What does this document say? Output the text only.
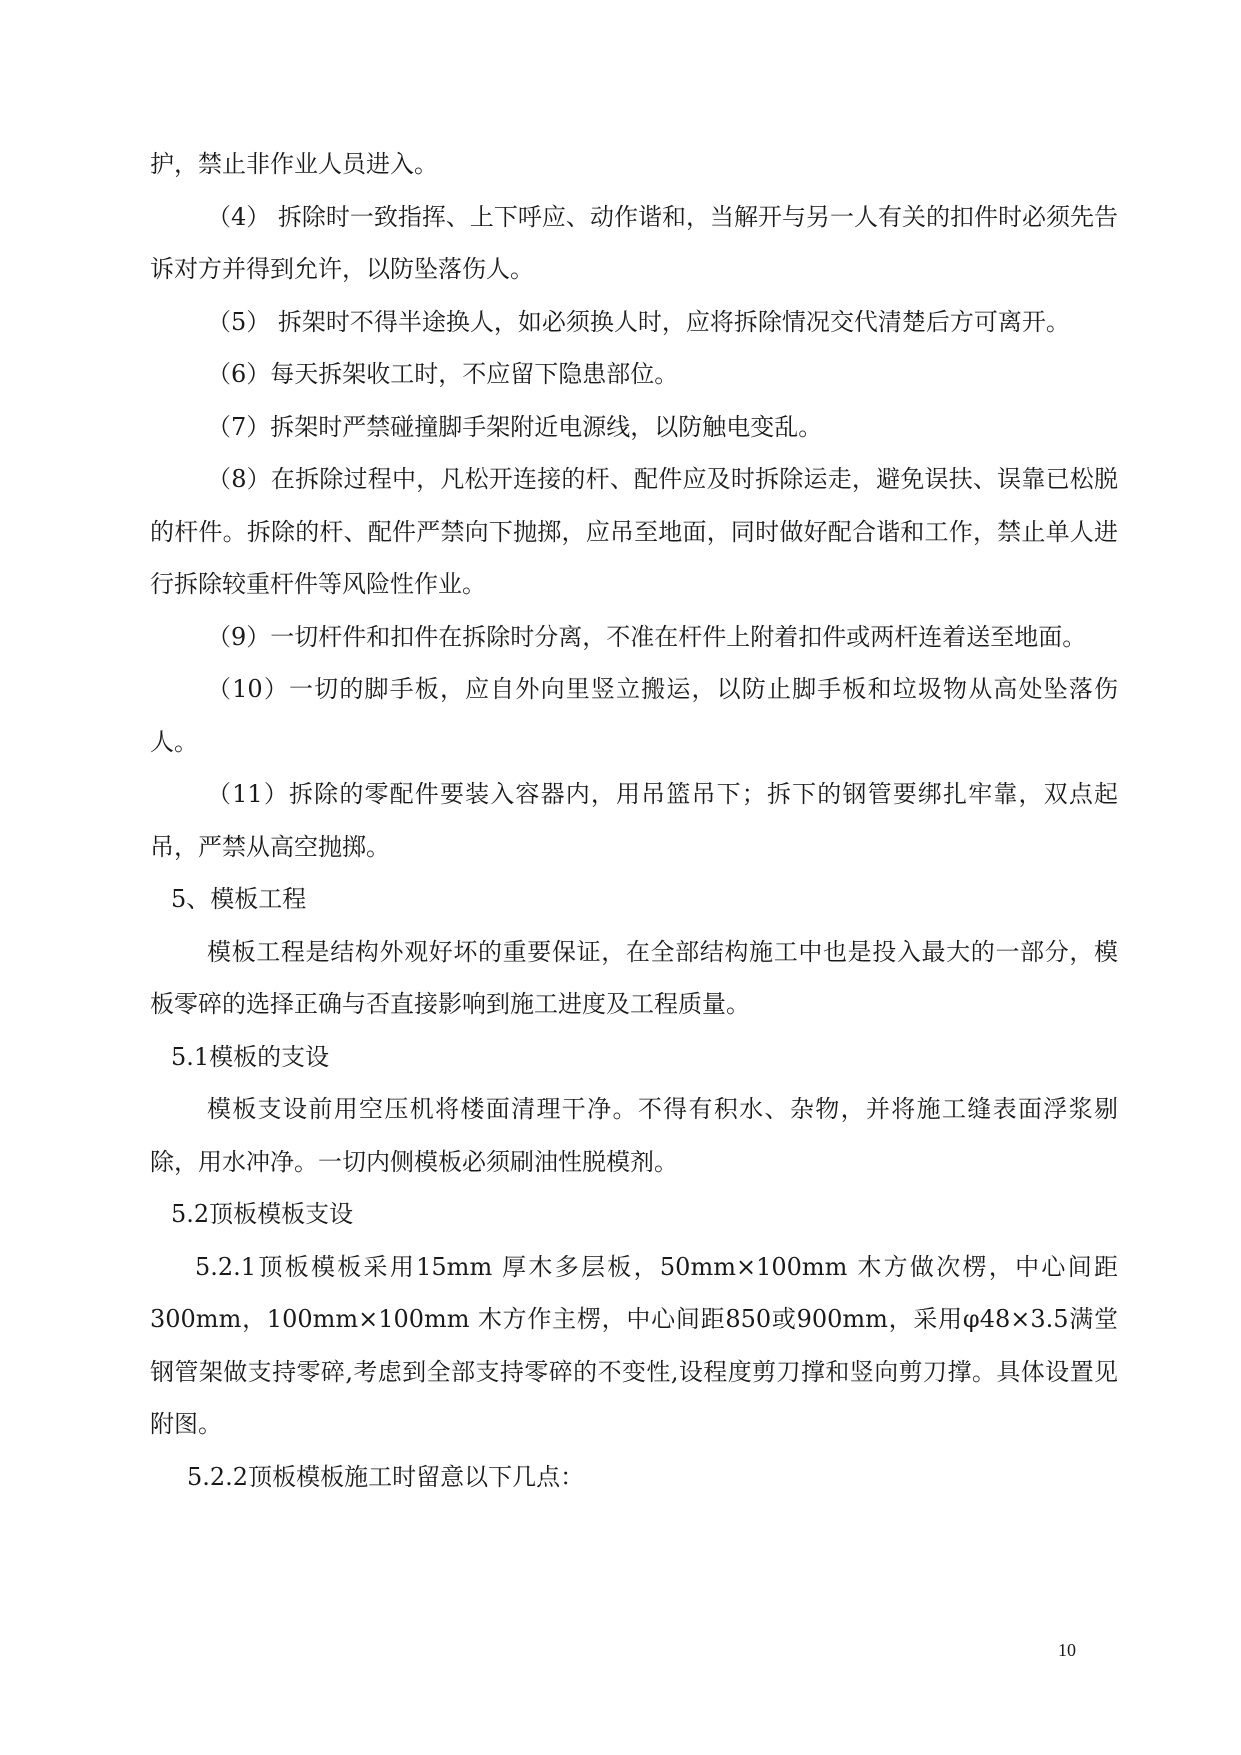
护，禁止非作业人员进入。

（4） 拆除时一致指挥、上下呼应、动作谐和，当解开与另一人有关的扣件时必须先告诉对方并得到允许，以防坠落伤人。

（5） 拆架时不得半途换人，如必须换人时，应将拆除情况交代清楚后方可离开。

（6）每天拆架收工时，不应留下隐患部位。

（7）拆架时严禁碰撞脚手架附近电源线，以防触电变乱。

（8）在拆除过程中，凡松开连接的杆、配件应及时拆除运走，避免误扶、误靠已松脱的杆件。拆除的杆、配件严禁向下抛掷，应吊至地面，同时做好配合谐和工作，禁止单人进行拆除较重杆件等风险性作业。

（9）一切杆件和扣件在拆除时分离，不准在杆件上附着扣件或两杆连着送至地面。

（10）一切的脚手板，应自外向里竖立搬运，以防止脚手板和垃圾物从高处坠落伤人。

（11）拆除的零配件要装入容器内，用吊篮吊下；拆下的钢管要绑扎牢靠，双点起吊，严禁从高空抛掷。

5、模板工程

模板工程是结构外观好坏的重要保证，在全部结构施工中也是投入最大的一部分，模板零碎的选择正确与否直接影响到施工进度及工程质量。

5.1模板的支设

模板支设前用空压机将楼面清理干净。不得有积水、杂物，并将施工缝表面浮浆剔除，用水冲净。一切内侧模板必须刷油性脱模剂。

5.2顶板模板支设

5.2.1顶板模板采用15mm 厚木多层板，50mm×100mm 木方做次楞，中心间距300mm，100mm×100mm 木方作主楞，中心间距850或900mm，采用φ48×3.5满堂钢管架做支持零碎,考虑到全部支持零碎的不变性,设程度剪刀撑和竖向剪刀撑。具体设置见附图。

5.2.2顶板模板施工时留意以下几点：

10
